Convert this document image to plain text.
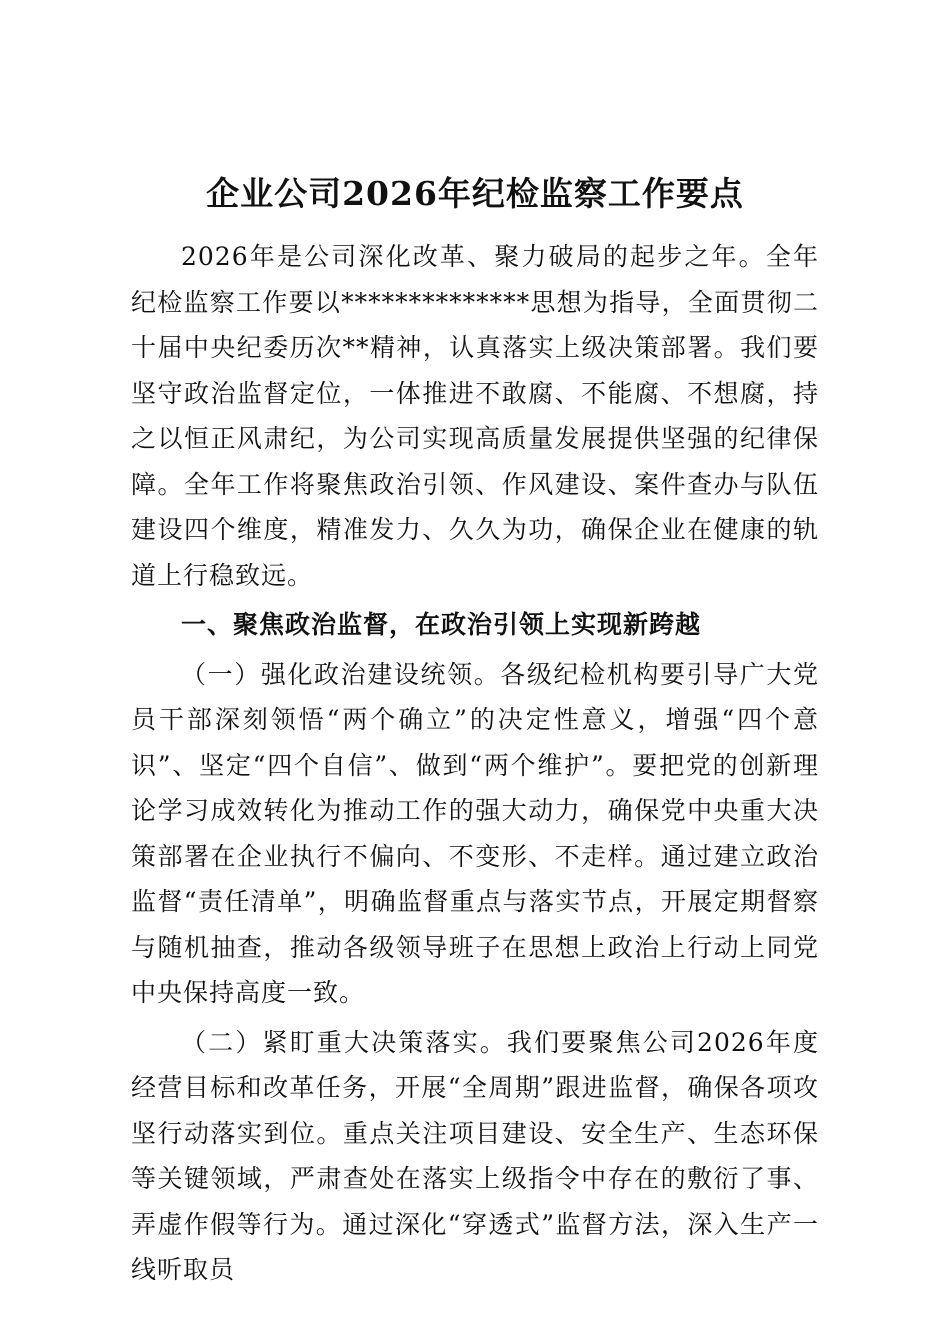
企业公司2026年纪检监察工作要点

2026年是公司深化改革、聚力破局的起步之年。全年纪检监察工作要以**************思想为指导，全面贯彻二十届中央纪委历次**精神，认真落实上级决策部署。我们要坚守政治监督定位，一体推进不敢腐、不能腐、不想腐，持之以恒正风肃纪，为公司实现高质量发展提供坚强的纪律保障。全年工作将聚焦政治引领、作风建设、案件查办与队伍建设四个维度，精准发力、久久为功，确保企业在健康的轨道上行稳致远。

一、聚焦政治监督，在政治引领上实现新跨越

（一）强化政治建设统领。各级纪检机构要引导广大党员干部深刻领悟“两个确立”的决定性意义，增强“四个意识”、坚定“四个自信”、做到“两个维护”。要把党的创新理论学习成效转化为推动工作的强大动力，确保党中央重大决策部署在企业执行不偏向、不变形、不走样。通过建立政治监督“责任清单”，明确监督重点与落实节点，开展定期督察与随机抽查，推动各级领导班子在思想上政治上行动上同党中央保持高度一致。

（二）紧盯重大决策落实。我们要聚焦公司2026年度经营目标和改革任务，开展“全周期”跟进监督，确保各项攻坚行动落实到位。重点关注项目建设、安全生产、生态环保等关键领域，严肃查处在落实上级指令中存在的敷衍了事、弄虚作假等行为。通过深化“穿透式”监督方法，深入生产一线听取员
